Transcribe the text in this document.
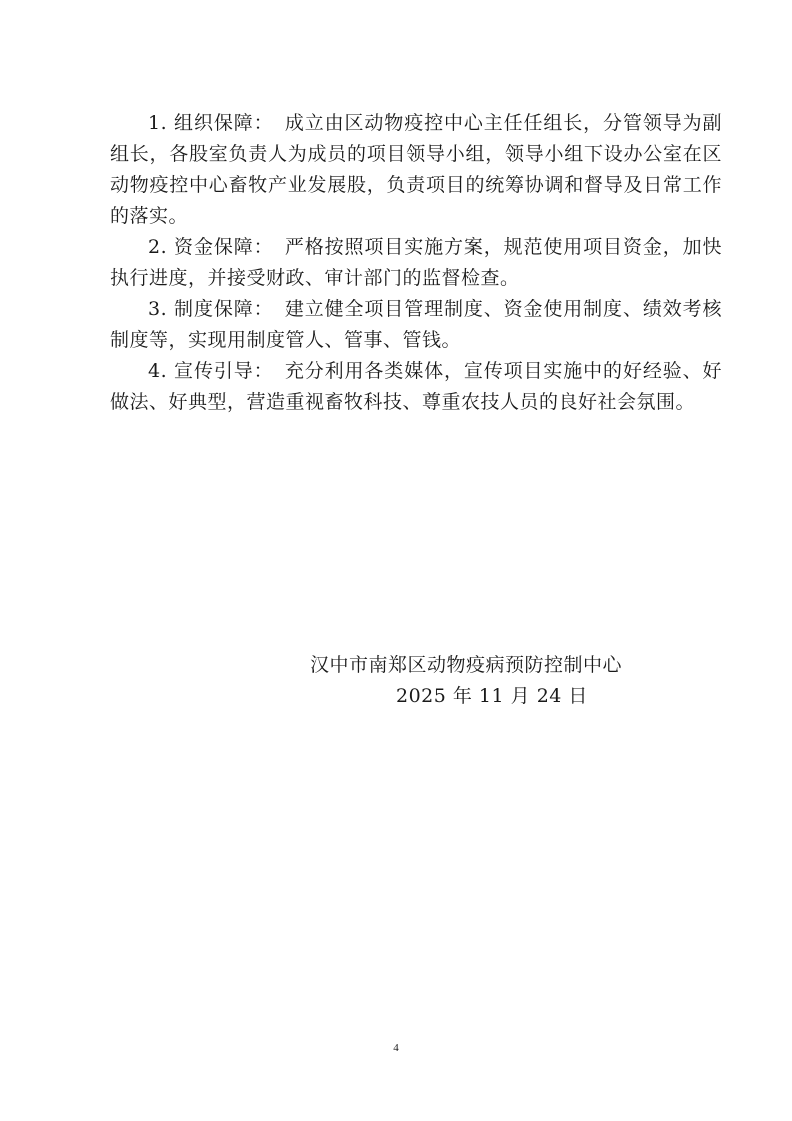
1. 组织保障： 成立由区动物疫控中心主任任组长，分管领导为副组长，各股室负责人为成员的项目领导小组，领导小组下设办公室在区动物疫控中心畜牧产业发展股，负责项目的统筹协调和督导及日常工作的落实。

2. 资金保障： 严格按照项目实施方案，规范使用项目资金，加快执行进度，并接受财政、审计部门的监督检查。

3. 制度保障： 建立健全项目管理制度、资金使用制度、绩效考核制度等，实现用制度管人、管事、管钱。

4. 宣传引导： 充分利用各类媒体，宣传项目实施中的好经验、好做法、好典型，营造重视畜牧科技、尊重农技人员的良好社会氛围。

汉中市南郑区动物疫病预防控制中心
2025 年 11 月 24 日
4
